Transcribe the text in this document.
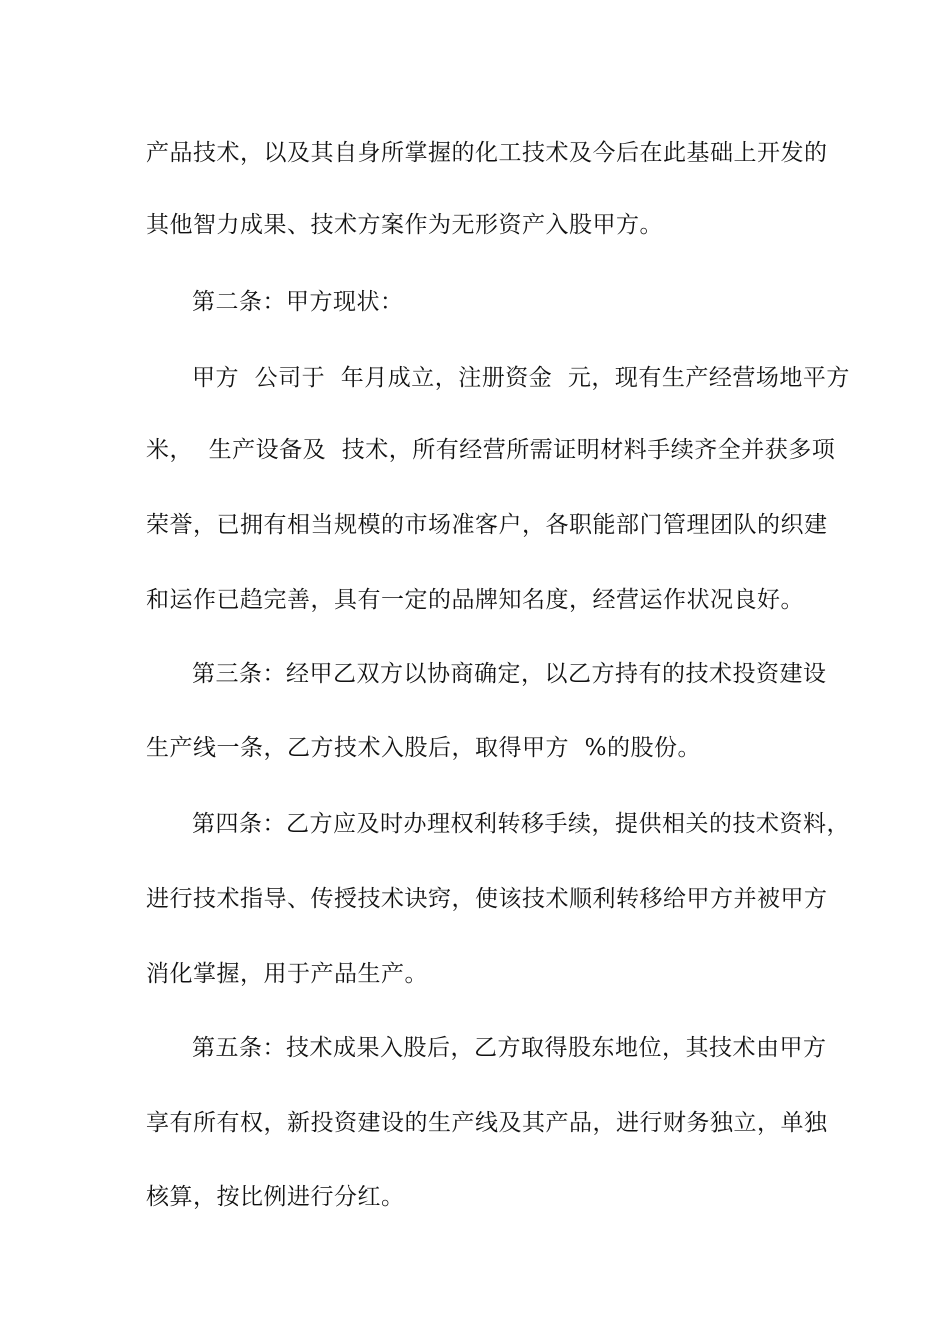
产品技术，以及其自身所掌握的化工技术及今后在此基础上开发的
其他智力成果、技术方案作为无形资产入股甲方。
第二条：甲方现状：
甲方  公司于  年月成立，注册资金  元，现有生产经营场地平方
米，  生产设备及  技术，所有经营所需证明材料手续齐全并获多项
荣誉，已拥有相当规模的市场准客户，各职能部门管理团队的织建
和运作已趋完善，具有一定的品牌知名度，经营运作状况良好。
第三条：经甲乙双方以协商确定，以乙方持有的技术投资建设
生产线一条，乙方技术入股后，取得甲方  %的股份。
第四条：乙方应及时办理权利转移手续，提供相关的技术资料，
进行技术指导、传授技术诀窍，使该技术顺利转移给甲方并被甲方
消化掌握，用于产品生产。
第五条：技术成果入股后，乙方取得股东地位，其技术由甲方
享有所有权，新投资建设的生产线及其产品，进行财务独立，单独
核算，按比例进行分红。
